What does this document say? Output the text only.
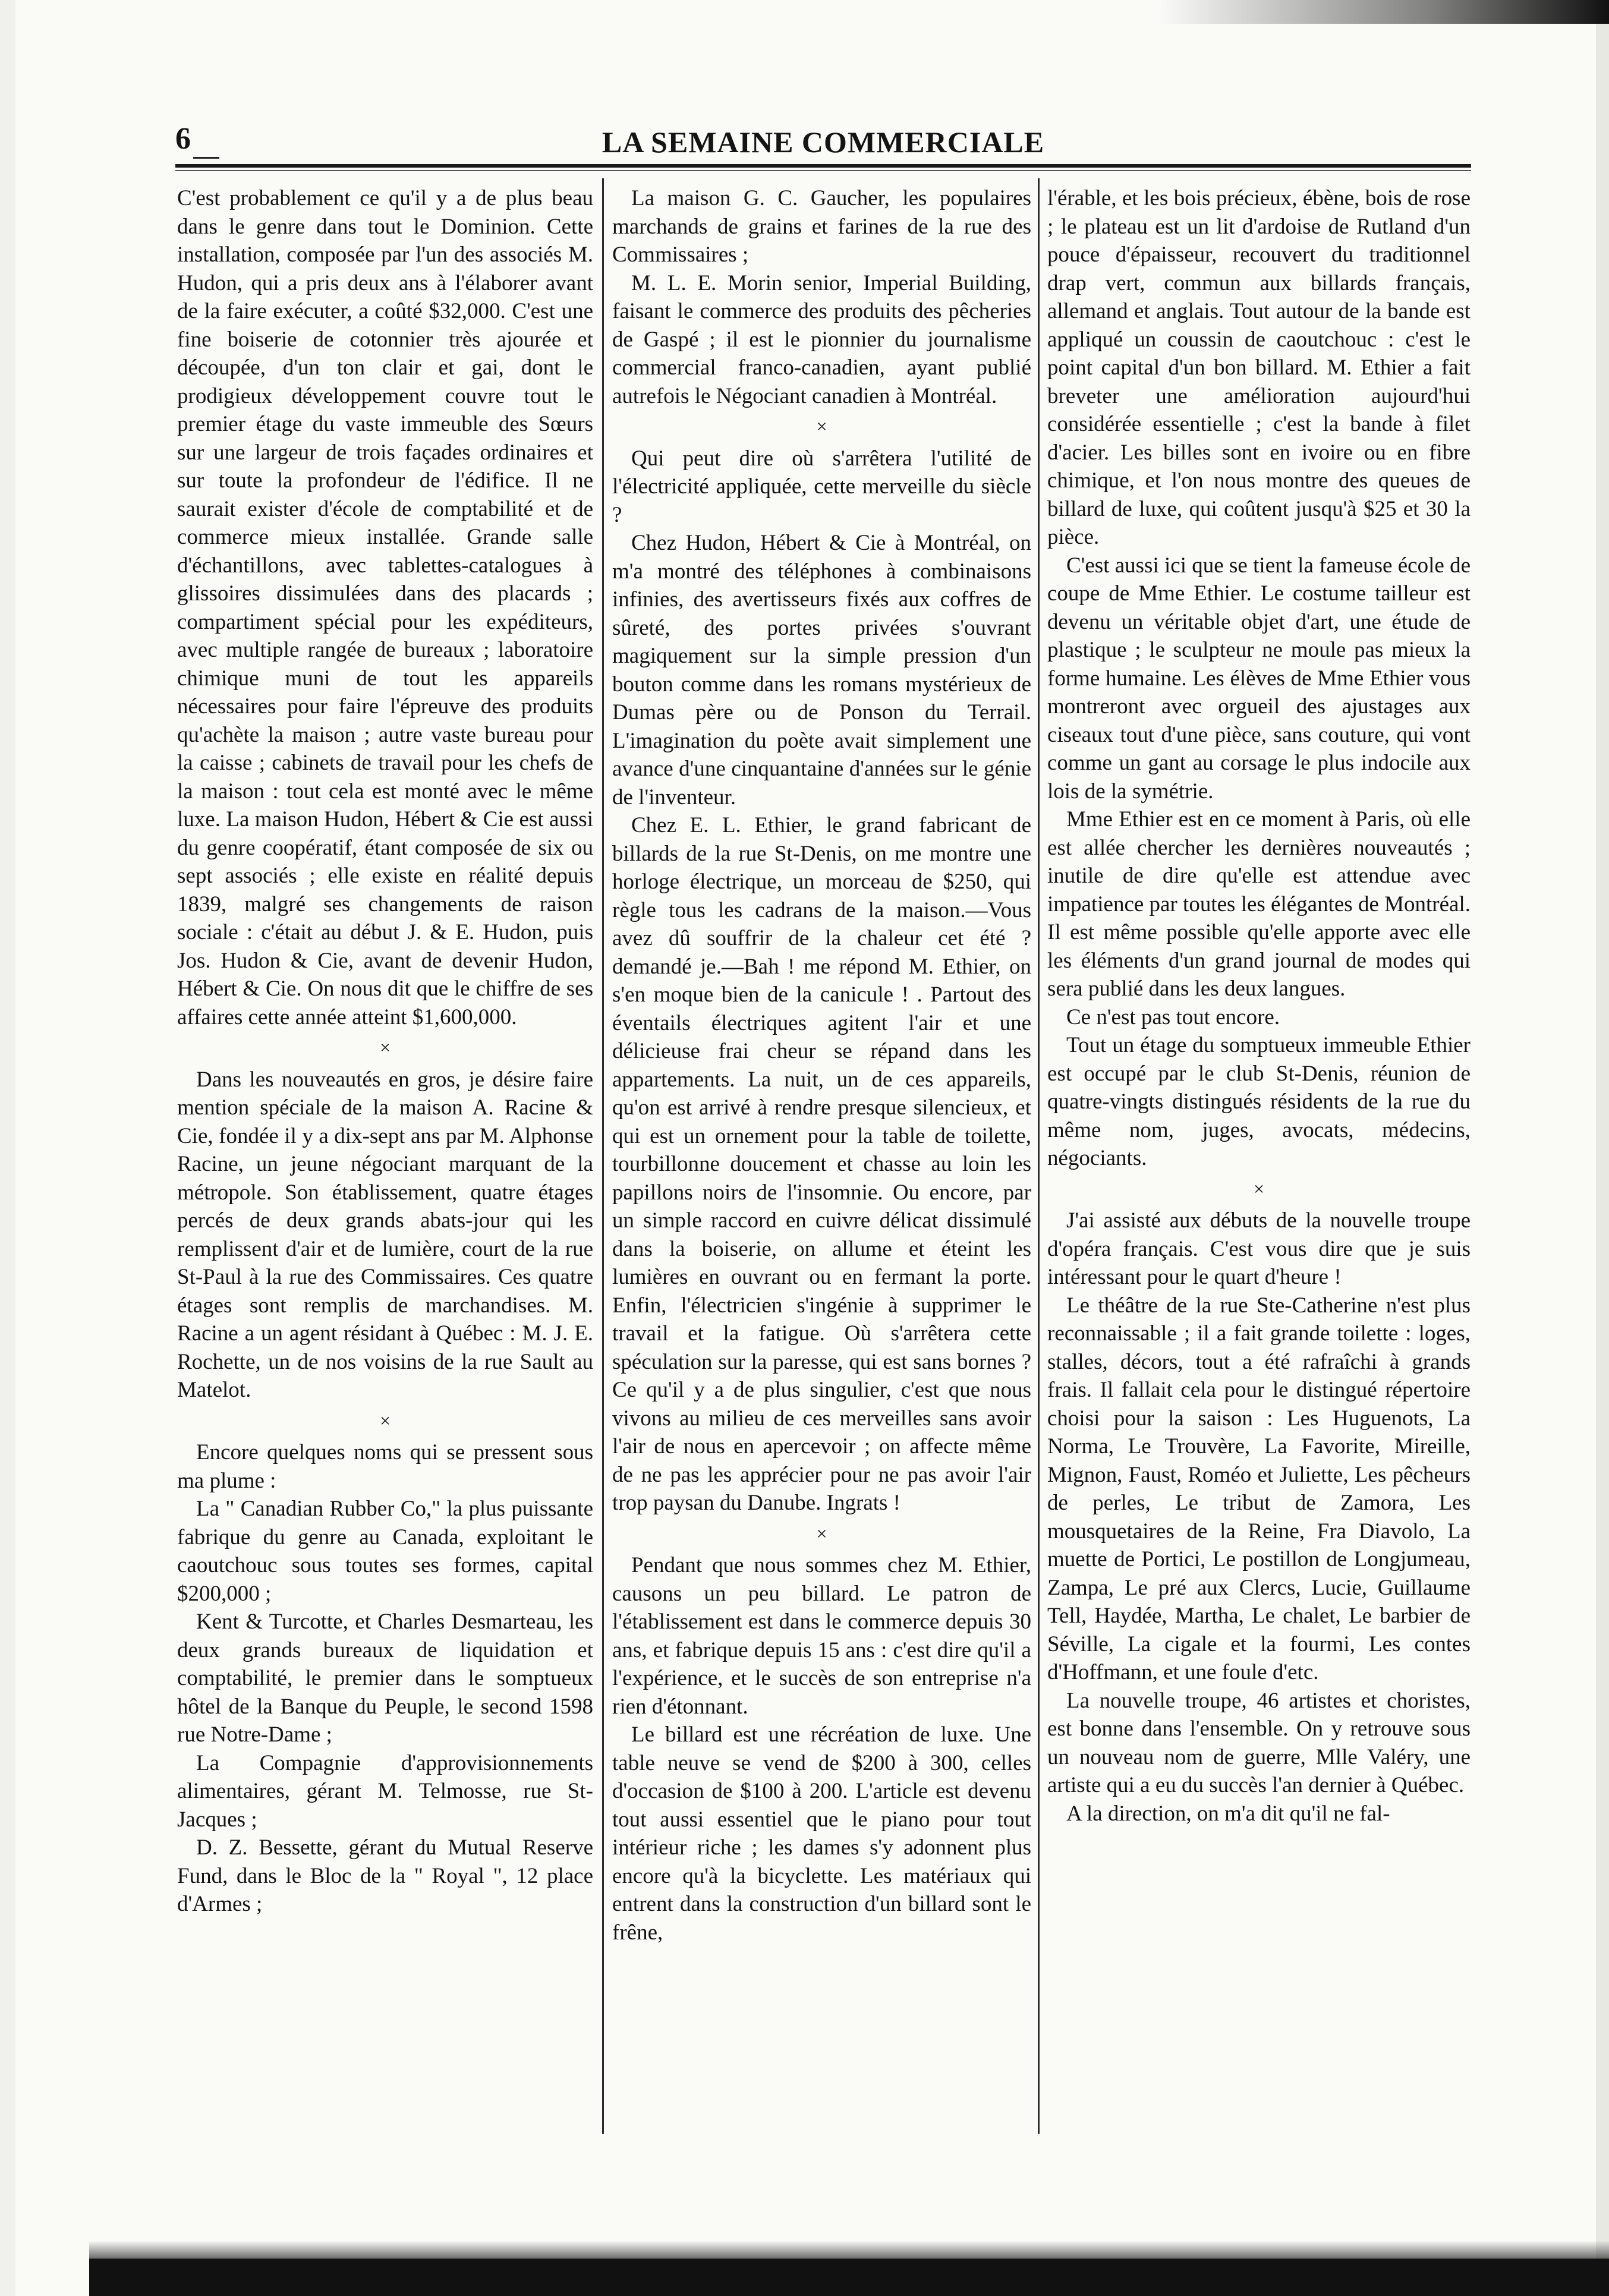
6	LA SEMAINE COMMERCIALE

C'est probablement ce qu'il y a de plus beau dans le genre dans tout le Dominion. Cette installation, composée par l'un des associés M. Hudon, qui a pris deux ans à l'élaborer avant de la faire exécuter, a coûté $32,000. C'est une fine boiserie de cotonnier très ajourée et découpée, d'un ton clair et gai, dont le prodigieux développement couvre tout le premier étage du vaste immeuble des Sœurs sur une largeur de trois façades ordinaires et sur toute la profondeur de l'édifice. Il ne saurait exister d'école de comptabilité et de commerce mieux installée. Grande salle d'échantillons, avec tablettes-catalogues à glissoires dissimulées dans des placards ; compartiment spécial pour les expéditeurs, avec multiple rangée de bureaux ; laboratoire chimique muni de tout les appareils nécessaires pour faire l'épreuve des produits qu'achète la maison ; autre vaste bureau pour la caisse ; cabinets de travail pour les chefs de la maison : tout cela est monté avec le même luxe. La maison Hudon, Hébert & Cie est aussi du genre coopératif, étant composée de six ou sept associés ; elle existe en réalité depuis 1839, malgré ses changements de raison sociale : c'était au début J. & E. Hudon, puis Jos. Hudon & Cie, avant de devenir Hudon, Hébert & Cie. On nous dit que le chiffre de ses affaires cette année atteint $1,600,000.

×

Dans les nouveautés en gros, je désire faire mention spéciale de la maison A. Racine & Cie, fondée il y a dix-sept ans par M. Alphonse Racine, un jeune négociant marquant de la métropole. Son établissement, quatre étages percés de deux grands abats-jour qui les remplissent d'air et de lumière, court de la rue St-Paul à la rue des Commissaires. Ces quatre étages sont remplis de marchandises. M. Racine a un agent résidant à Québec : M. J. E. Rochette, un de nos voisins de la rue Sault au Matelot.

×

Encore quelques noms qui se pressent sous ma plume :

La " Canadian Rubber Co," la plus puissante fabrique du genre au Canada, exploitant le caoutchouc sous toutes ses formes, capital $200,000 ;

Kent & Turcotte, et Charles Desmarteau, les deux grands bureaux de liquidation et comptabilité, le premier dans le somptueux hôtel de la Banque du Peuple, le second 1598 rue Notre-Dame ;

La Compagnie d'approvisionnements alimentaires, gérant M. Telmosse, rue St-Jacques ;

D. Z. Bessette, gérant du Mutual Reserve Fund, dans le Bloc de la " Royal ", 12 place d'Armes ;

La maison G. C. Gaucher, les populaires marchands de grains et farines de la rue des Commissaires ;

M. L. E. Morin senior, Imperial Building, faisant le commerce des produits des pêcheries de Gaspé ; il est le pionnier du journalisme commercial franco-canadien, ayant publié autrefois le Négociant canadien à Montréal.

×

Qui peut dire où s'arrêtera l'utilité de l'électricité appliquée, cette merveille du siècle ?

Chez Hudon, Hébert & Cie à Montréal, on m'a montré des téléphones à combinaisons infinies, des avertisseurs fixés aux coffres de sûreté, des portes privées s'ouvrant magiquement sur la simple pression d'un bouton comme dans les romans mystérieux de Dumas père ou de Ponson du Terrail. L'imagination du poète avait simplement une avance d'une cinquantaine d'années sur le génie de l'inventeur.

Chez E. L. Ethier, le grand fabricant de billards de la rue St-Denis, on me montre une horloge électrique, un morceau de $250, qui règle tous les cadrans de la maison.—Vous avez dû souffrir de la chaleur cet été ? demandé je.—Bah ! me répond M. Ethier, on s'en moque bien de la canicule ! . Partout des éventails électriques agitent l'air et une délicieuse frai cheur se répand dans les appartements. La nuit, un de ces appareils, qu'on est arrivé à rendre presque silencieux, et qui est un ornement pour la table de toilette, tourbillonne doucement et chasse au loin les papillons noirs de l'insomnie. Ou encore, par un simple raccord en cuivre délicat dissimulé dans la boiserie, on allume et éteint les lumières en ouvrant ou en fermant la porte. Enfin, l'électricien s'ingénie à supprimer le travail et la fatigue. Où s'arrêtera cette spéculation sur la paresse, qui est sans bornes ? Ce qu'il y a de plus singulier, c'est que nous vivons au milieu de ces merveilles sans avoir l'air de nous en apercevoir ; on affecte même de ne pas les apprécier pour ne pas avoir l'air trop paysan du Danube. Ingrats !

×

Pendant que nous sommes chez M. Ethier, causons un peu billard. Le patron de l'établissement est dans le commerce depuis 30 ans, et fabrique depuis 15 ans : c'est dire qu'il a l'expérience, et le succès de son entreprise n'a rien d'étonnant.

Le billard est une récréation de luxe. Une table neuve se vend de $200 à 300, celles d'occasion de $100 à 200. L'article est devenu tout aussi essentiel que le piano pour tout intérieur riche ; les dames s'y adonnent plus encore qu'à la bicyclette. Les matériaux qui entrent dans la construction d'un billard sont le frêne,

l'érable, et les bois précieux, ébène, bois de rose ; le plateau est un lit d'ardoise de Rutland d'un pouce d'épaisseur, recouvert du traditionnel drap vert, commun aux billards français, allemand et anglais. Tout autour de la bande est appliqué un coussin de caoutchouc : c'est le point capital d'un bon billard. M. Ethier a fait breveter une amélioration aujourd'hui considérée essentielle ; c'est la bande à filet d'acier. Les billes sont en ivoire ou en fibre chimique, et l'on nous montre des queues de billard de luxe, qui coûtent jusqu'à $25 et 30 la pièce.

C'est aussi ici que se tient la fameuse école de coupe de Mme Ethier. Le costume tailleur est devenu un véritable objet d'art, une étude de plastique ; le sculpteur ne moule pas mieux la forme humaine. Les élèves de Mme Ethier vous montreront avec orgueil des ajustages aux ciseaux tout d'une pièce, sans couture, qui vont comme un gant au corsage le plus indocile aux lois de la symétrie.

Mme Ethier est en ce moment à Paris, où elle est allée chercher les dernières nouveautés ; inutile de dire qu'elle est attendue avec impatience par toutes les élégantes de Montréal. Il est même possible qu'elle apporte avec elle les éléments d'un grand journal de modes qui sera publié dans les deux langues.

Ce n'est pas tout encore.

Tout un étage du somptueux immeuble Ethier est occupé par le club St-Denis, réunion de quatre-vingts distingués résidents de la rue du même nom, juges, avocats, médecins, négociants.

×

J'ai assisté aux débuts de la nouvelle troupe d'opéra français. C'est vous dire que je suis intéressant pour le quart d'heure !

Le théâtre de la rue Ste-Catherine n'est plus reconnaissable ; il a fait grande toilette : loges, stalles, décors, tout a été rafraîchi à grands frais. Il fallait cela pour le distingué répertoire choisi pour la saison : Les Huguenots, La Norma, Le Trouvère, La Favorite, Mireille, Mignon, Faust, Roméo et Juliette, Les pêcheurs de perles, Le tribut de Zamora, Les mousquetaires de la Reine, Fra Diavolo, La muette de Portici, Le postillon de Longjumeau, Zampa, Le pré aux Clercs, Lucie, Guillaume Tell, Haydée, Martha, Le chalet, Le barbier de Séville, La cigale et la fourmi, Les contes d'Hoffmann, et une foule d'etc.

La nouvelle troupe, 46 artistes et choristes, est bonne dans l'ensemble. On y retrouve sous un nouveau nom de guerre, Mlle Valéry, une artiste qui a eu du succès l'an dernier à Québec.

A la direction, on m'a dit qu'il ne fal-
